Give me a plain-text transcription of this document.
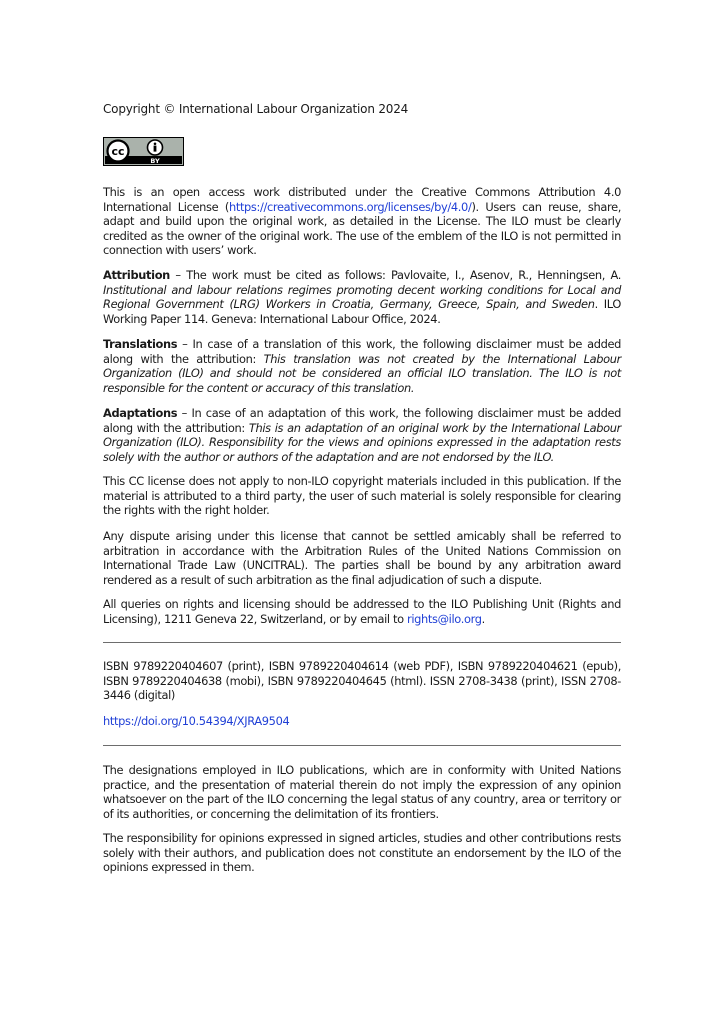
Copyright © International Labour Organization 2024
cc
BY

This is an open access work distributed under the Creative Commons Attribution 4.0 International License (https://creativecommons.org/licenses/by/4.0/). Users can reuse, share, adapt and build upon the original work, as detailed in the License. The ILO must be clearly credited as the owner of the original work. The use of the emblem of the ILO is not permitted in connection with users’ work.

Attribution – The work must be cited as follows: Pavlovaite, I., Asenov, R., Henningsen, A. Institutional and labour relations regimes promoting decent working conditions for Local and Regional Government (LRG) Workers in Croatia, Germany, Greece, Spain, and Sweden. ILO Working Paper 114. Geneva: International Labour Office, 2024.

Translations – In case of a translation of this work, the following disclaimer must be added along with the attribution: This translation was not created by the International Labour Organization (ILO) and should not be considered an official ILO translation. The ILO is not responsible for the content or accuracy of this translation.

Adaptations – In case of an adaptation of this work, the following disclaimer must be added along with the attribution: This is an adaptation of an original work by the International Labour Organization (ILO). Responsibility for the views and opinions expressed in the adaptation rests solely with the author or authors of the adaptation and are not endorsed by the ILO.

This CC license does not apply to non-ILO copyright materials included in this publication. If the material is attributed to a third party, the user of such material is solely responsible for clearing the rights with the right holder.

Any dispute arising under this license that cannot be settled amicably shall be referred to arbitration in accordance with the Arbitration Rules of the United Nations Commission on International Trade Law (UNCITRAL). The parties shall be bound by any arbitration award rendered as a result of such arbitration as the final adjudication of such a dispute.

All queries on rights and licensing should be addressed to the ILO Publishing Unit (Rights and Licensing), 1211 Geneva 22, Switzerland, or by email to rights@ilo.org.

ISBN 9789220404607 (print), ISBN 9789220404614 (web PDF), ISBN 9789220404621 (epub), ISBN 9789220404638 (mobi), ISBN 9789220404645 (html). ISSN 2708-3438 (print), ISSN 2708-3446 (digital)

https://doi.org/10.54394/XJRA9504

The designations employed in ILO publications, which are in conformity with United Nations practice, and the presentation of material therein do not imply the expression of any opinion whatsoever on the part of the ILO concerning the legal status of any country, area or territory or of its authorities, or concerning the delimitation of its frontiers.

The responsibility for opinions expressed in signed articles, studies and other contributions rests solely with their authors, and publication does not constitute an endorsement by the ILO of the opinions expressed in them.
